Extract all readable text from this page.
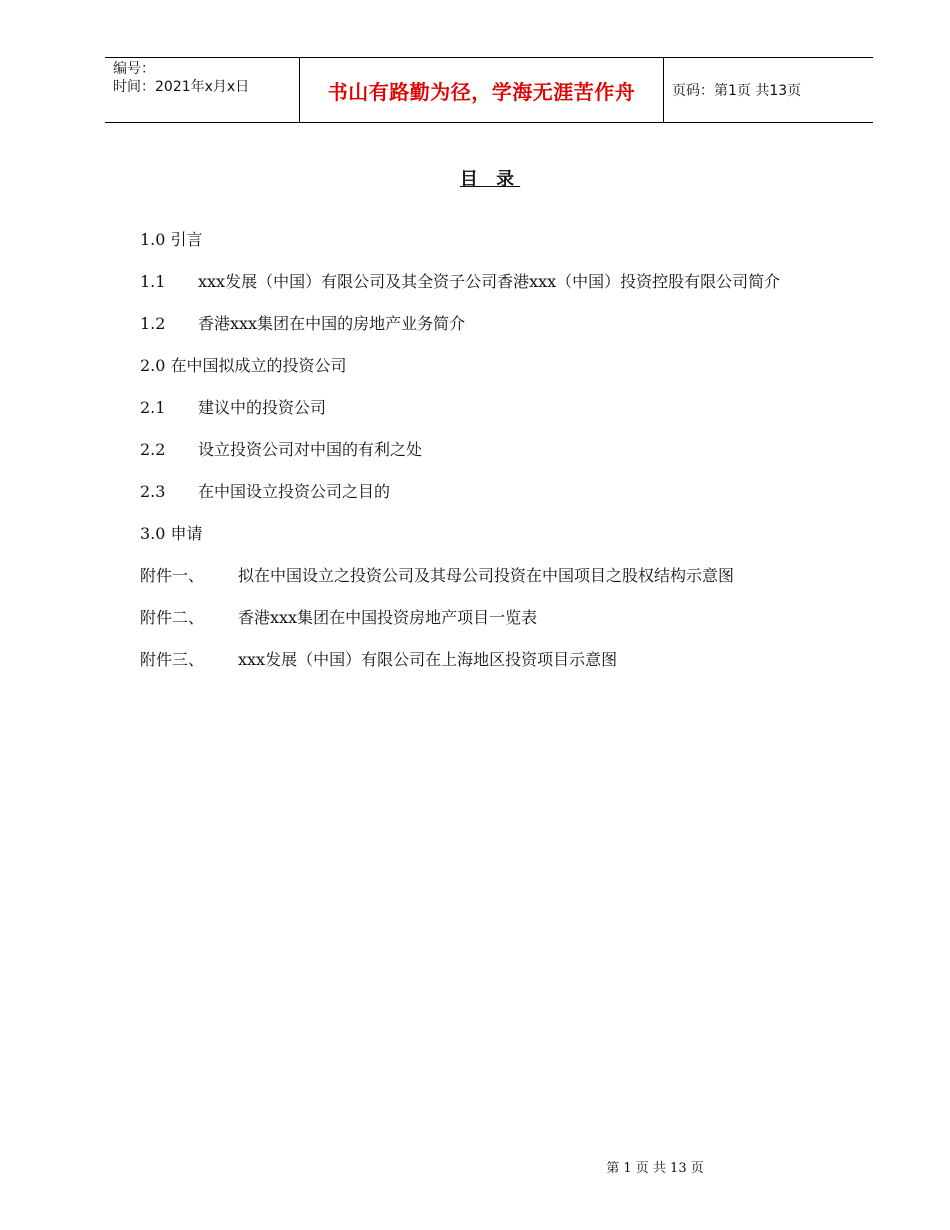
编号：
时间：2021年x月x日	书山有路勤为径，学海无涯苦作舟	页码：第1页 共13页
目 录
1.0 引言
1.1	xxx发展（中国）有限公司及其全资子公司香港xxx（中国）投资控股有限公司简介
1.2	香港xxx集团在中国的房地产业务简介
2.0 在中国拟成立的投资公司
2.1	建议中的投资公司
2.2	设立投资公司对中国的有利之处
2.3	在中国设立投资公司之目的
3.0 申请
附件一、	拟在中国设立之投资公司及其母公司投资在中国项目之股权结构示意图
附件二、	香港xxx集团在中国投资房地产项目一览表
附件三、	xxx发展（中国）有限公司在上海地区投资项目示意图
第 1 页 共 13 页
